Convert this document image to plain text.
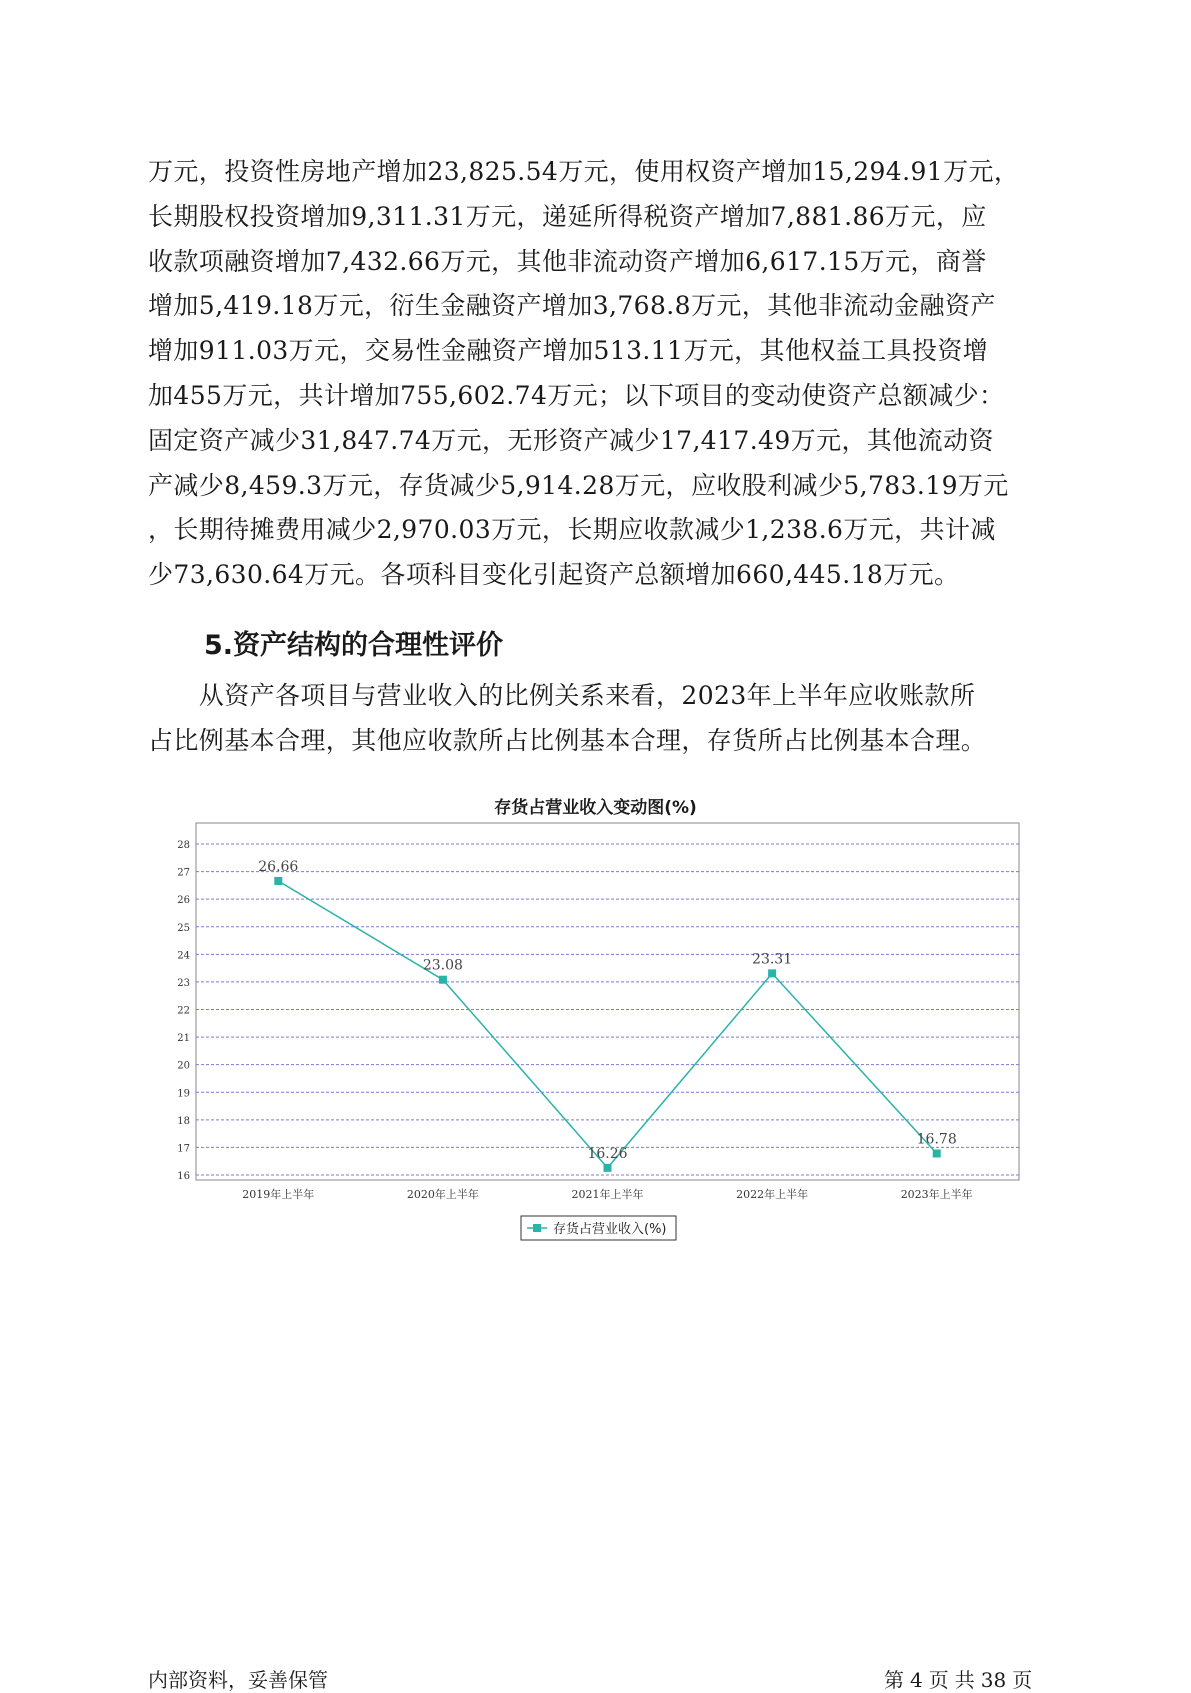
万元，投资性房地产增加23,825.54万元，使用权资产增加15,294.91万元，
长期股权投资增加9,311.31万元，递延所得税资产增加7,881.86万元，应
收款项融资增加7,432.66万元，其他非流动资产增加6,617.15万元，商誉
增加5,419.18万元，衍生金融资产增加3,768.8万元，其他非流动金融资产
增加911.03万元，交易性金融资产增加513.11万元，其他权益工具投资增
加455万元，共计增加755,602.74万元；以下项目的变动使资产总额减少：
固定资产减少31,847.74万元，无形资产减少17,417.49万元，其他流动资
产减少8,459.3万元，存货减少5,914.28万元，应收股利减少5,783.19万元
，长期待摊费用减少2,970.03万元，长期应收款减少1,238.6万元，共计减
少73,630.64万元。各项科目变化引起资产总额增加660,445.18万元。
5.资产结构的合理性评价
　　从资产各项目与营业收入的比例关系来看，2023年上半年应收账款所
占比例基本合理，其他应收款所占比例基本合理，存货所占比例基本合理。
存货占营业收入变动图(%)
16
17
18
19
20
21
22
23
24
25
26
27
28
2019年上半年	2020年上半年	2021年上半年	2022年上半年	2023年上半年
26.66
23.08
16.26
23.31
16.78
存货占营业收入(%)
内部资料，妥善保管	第 4 页 共 38 页
